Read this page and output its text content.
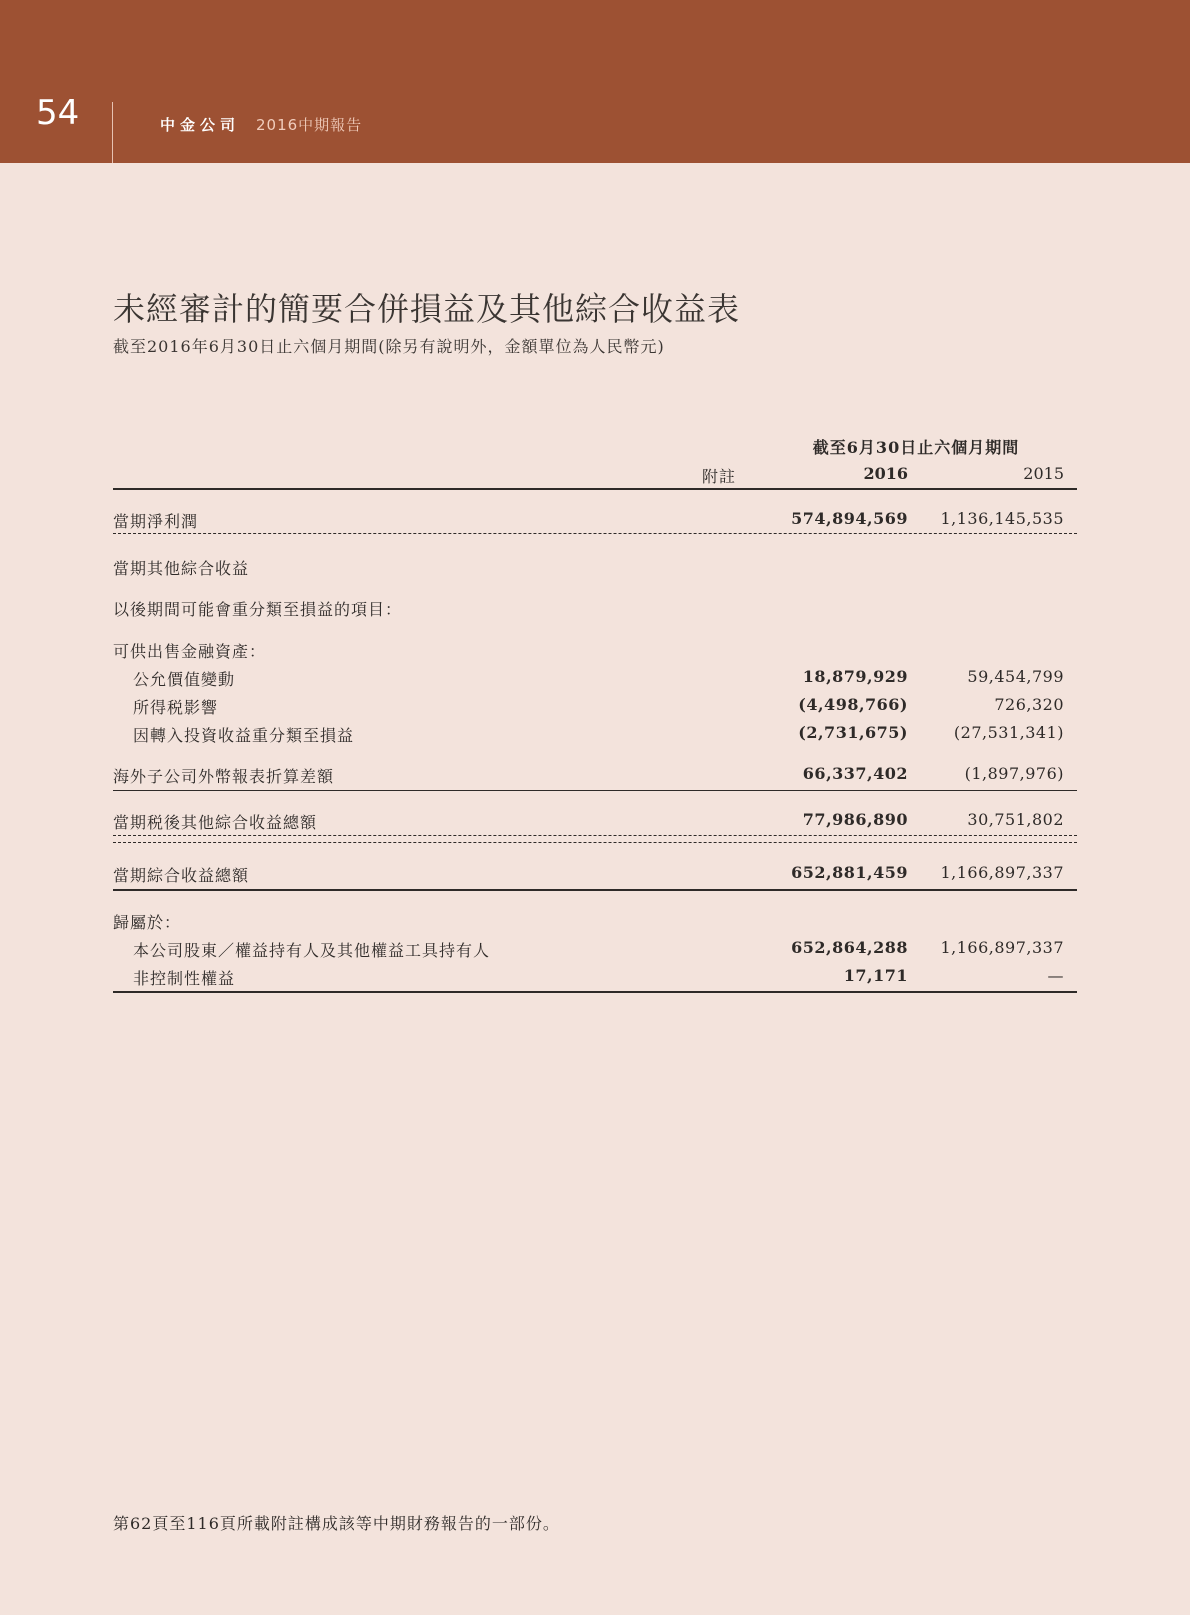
54	中金公司 2016中期報告
未經審計的簡要合併損益及其他綜合收益表
截至2016年6月30日止六個月期間(除另有說明外，金額單位為人民幣元)
截至6月30日止六個月期間
附註	2016	2015
當期淨利潤	574,894,569	1,136,145,535
當期其他綜合收益
以後期間可能會重分類至損益的項目：
可供出售金融資產：
公允價值變動	18,879,929	59,454,799
所得税影響	(4,498,766)	726,320
因轉入投資收益重分類至損益	(2,731,675)	(27,531,341)
海外子公司外幣報表折算差額	66,337,402	(1,897,976)
當期税後其他綜合收益總額	77,986,890	30,751,802
當期綜合收益總額	652,881,459	1,166,897,337
歸屬於：
本公司股東／權益持有人及其他權益工具持有人	652,864,288	1,166,897,337
非控制性權益	17,171	—
第62頁至116頁所載附註構成該等中期財務報告的一部份。
